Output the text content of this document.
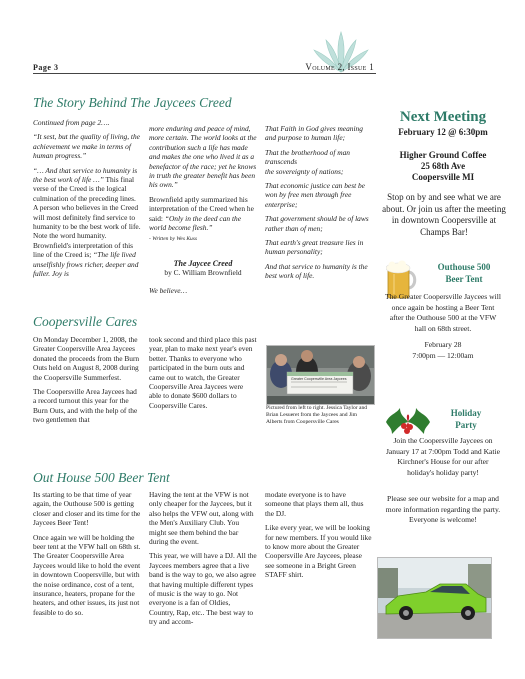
Page 3	Volume 2, Issue 1
The Story Behind The Jaycees Creed

Continued from page 2….

“It sest, but the quality of living, the achievement we make in terms of human progress.”

“… And that service to humanity is the best work of life …” This final verse of the Creed is the logical culmination of the preceding lines. A person who believes in the Creed will most definitely find service to humanity to be the best work of life. Note the word humanity. Brownfield's interpretation of this line of the Creed is; “The life lived unselfishly frows richer, deeper and fuller. Joy is

more enduring and peace of mind, more certain. The world looks at the contribution such a life has made and makes the one who lived it as a benefactor of the race; yet he knows in truth the greater benefit has been his own.”

Brownfield aptly summarized his interpretation of the Creed when he said: “Only in the deed can the world become flesh.”

- Written by Wes Kuss

The Jaycee Creed
by C. William Brownfield
We believe…

That Faith in God gives meaning and purpose to human life;

That the brotherhood of man transcends

the sovereignty of nations;

That economic justice can best be won by free men through free enterprise;

That government should be of laws rather than of men;

That earth's great treasure lies in human personality;

And that service to humanity is the best work of life.

Coopersville Cares

On Monday December 1, 2008, the Greater Coopersville Area Jaycees donated the proceeds from the Burn Outs held on August 8, 2008 during the Coopersville Summerfest.

The Coopersville Area Jaycees had a record turnout this year for the Burn Outs, and with the help of the two gentlemen that

took second and third place this past year, plan to make next year's even better. Thanks to everyone who participated in the burn outs and came out to watch, the Greater Coopersville Area Jaycees were able to donate $600 dollars to Coopersville Cares.

Greater Coopersville Area Jaycees
Pictured from left to right. Jessica Taylor and Brian Lesueret from the Jaycees and Jim Alberts from Coopersville Cares
Out House 500 Beer Tent

Its starting to be that time of year again, the Outhouse 500 is getting closer and closer and its time for the Jaycees Beer Tent!

Once again we will be holding the beer tent at the VFW hall on 68th st. The Greater Coopersville Area Jaycees would like to hold the event in downtown Coopersville, but with the noise ordinance, cost of a tent, insurance, heaters, propane for the heaters, and other issues, its just not feasible to do so.

Having the tent at the VFW is not only cheaper for the Jaycees, but it also helps the VFW out, along with the Men's Auxiliary Club. You might see them behind the bar during the event.

This year, we will have a DJ. All the Jaycees members agree that a live band is the way to go, we also agree that having multiple different types of music is the way to go. Not everyone is a fan of Oldies, Country, Rap, etc.. The best way to try and accom-

modate everyone is to have someone that plays them all, thus the DJ.

Like every year, we will be looking for new members. If you would like to know more about the Greater Coopersville Are Jaycees, please see someone in a Bright Green STAFF shirt.

Next Meeting
February 12 @ 6:30pm
Higher Ground Coffee
25 68th Ave
Coopersville MI
Stop on by and see what we are about. Or join us after the meeting in downtown Coopersville at Champs Bar!
Outhouse 500
Beer Tent
The Greater Coopersville Jaycees will once again be hosting a Beer Tent after the Outhouse 500 at the VFW hall on 68th street.
February 28
7:00pm — 12:00am
Holiday
Party
Join the Coopersville Jaycees on January 17 at 7:00pm Todd and Katie Kirchner's House for our after holiday's holiday party!
Please see our website for a map and more information regarding the party. Everyone is welcome!
